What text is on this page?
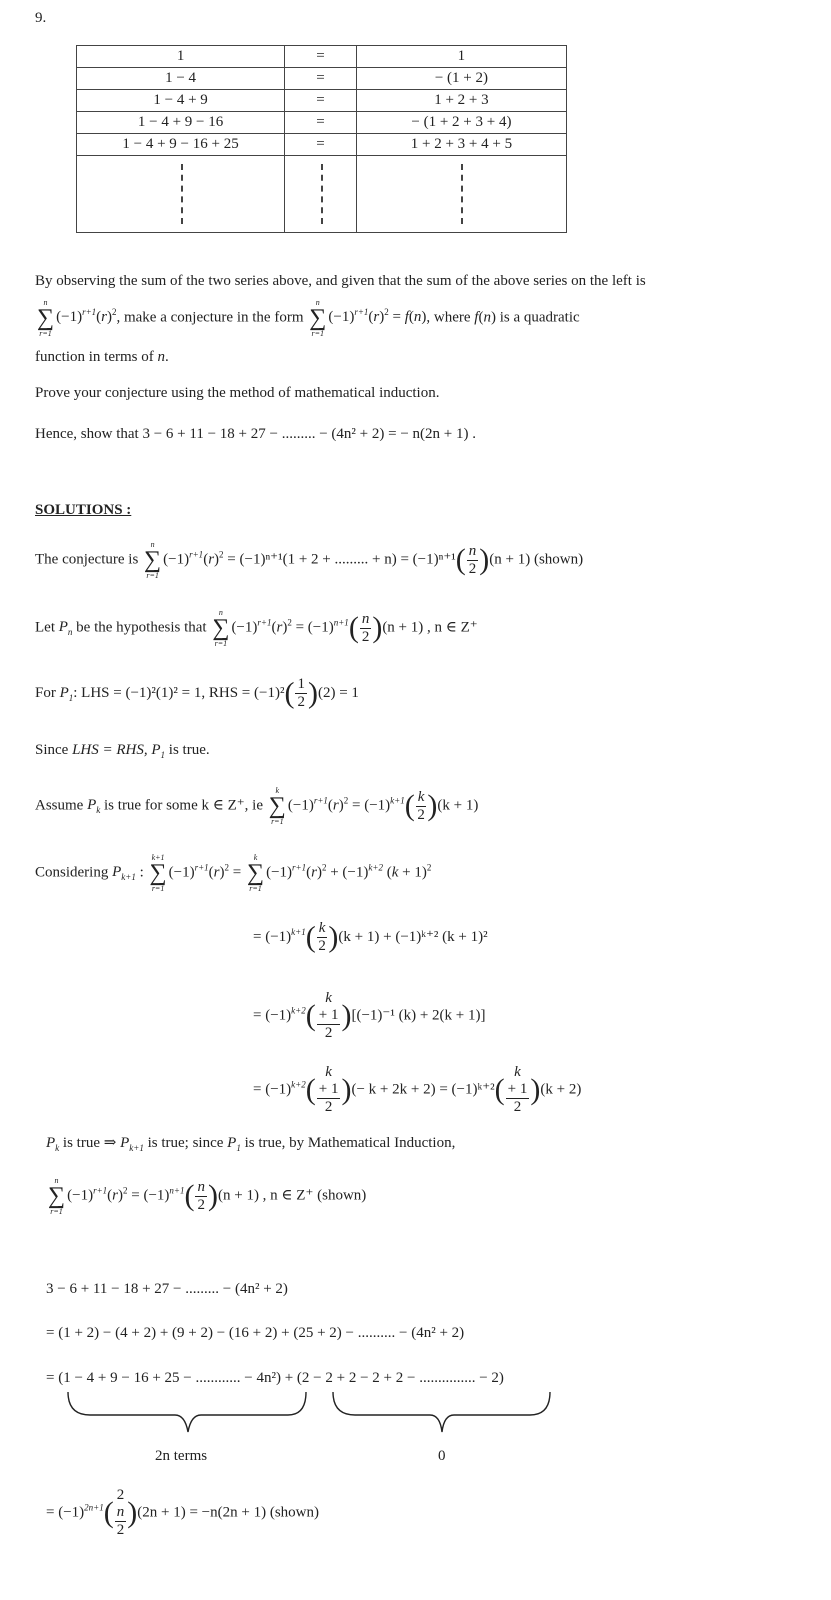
9.
1	=	1
1 − 4	=	− (1 + 2)
1 − 4 + 9	=	1 + 2 + 3
1 − 4 + 9 − 16	=	− (1 + 2 + 3 + 4)
1 − 4 + 9 − 16 + 25	=	1 + 2 + 3 + 4 + 5

By observing the sum of the two series above, and given that the sum of the above series on the left is
n
∑
r=1
$(-1)^{r+1}(r)^2$, make a conjecture in the form
n
∑
r=1
$(-1)^{r+1}(r)^2 = f(n)$, where f(n) is a quadratic
function in terms of n.
Prove your conjecture using the method of mathematical induction.
Hence, show that 3 − 6 + 11 − 18 + 27 − ......... − (4n² + 2) = − n(2n + 1) .
SOLUTIONS :
The conjecture is
n
∑
r=1
$(-1)^{r+1}(r)^2 = (-1)^{n+1}(1 + 2$ + ......... + $n) = (-1)^{n+1}( \frac{n}{2} )(n + 1)$ (shown)
Let $P_n$ be the hypothesis that
n
∑
r=1
$(-1)^{r+1}(r)^2 = (-1)^{n+1}( \frac{n}{2} )(n + 1)$ , n ∈ Z⁺
For $P_1$: LHS = (−1)²(1)² = 1, RHS = $(-1)^2( \frac{1}{2} )(2) = 1$
Since LHS = RHS, $P_1$ is true.
Assume $P_k$ is true for some k ∈ Z⁺, ie
k
∑
r=1
$(-1)^{r+1}(r)^2 = (-1)^{k+1}( \frac{k}{2} )(k + 1)$
Considering $P_{k+1}$ :
k+1
∑
r=1
$(-1)^{r+1}(r)^2$ =
k
∑
r=1
$(-1)^{r+1}(r)^2 + (-1)^{k+2}$ $(k + 1)^2$
= $(-1)^{k+1}( \frac{k}{2} )(k + 1)$ + (−1)ᵏ⁺² (k + 1)²
= $(-1)^{k+2}$( k
+ 1
2 )[(−1)⁻¹ (k) + 2(k + 1)]
= $(-1)^{k+2}$( k
+ 1
2 )(− k + 2k + 2) = (−1)ᵏ⁺²( k
+ 1
2 )(k + 2)
$P_k$ is true ⇒ $P_{k+1}$ is true; since $P_1$ is true, by Mathematical Induction,
n
∑
r=1
$(-1)^{r+1}(r)^2 = (-1)^{n+1}( \frac{n}{2} )(n + 1)$ , n ∈ Z⁺ (shown)
3 − 6 + 11 − 18 + 27 − ......... − (4n² + 2)
= (1 + 2) − (4 + 2) + (9 + 2) − (16 + 2) + (25 + 2) − .......... − (4n² + 2)
= (1 − 4 + 9 − 16 + 25 − ............ − 4n²) + (2 − 2 + 2 − 2 + 2 − ............... − 2)
2n terms	0
= $(-1)^{2n+1}$( 2
n
2 )(2n + 1) = −n(2n + 1) (shown)
